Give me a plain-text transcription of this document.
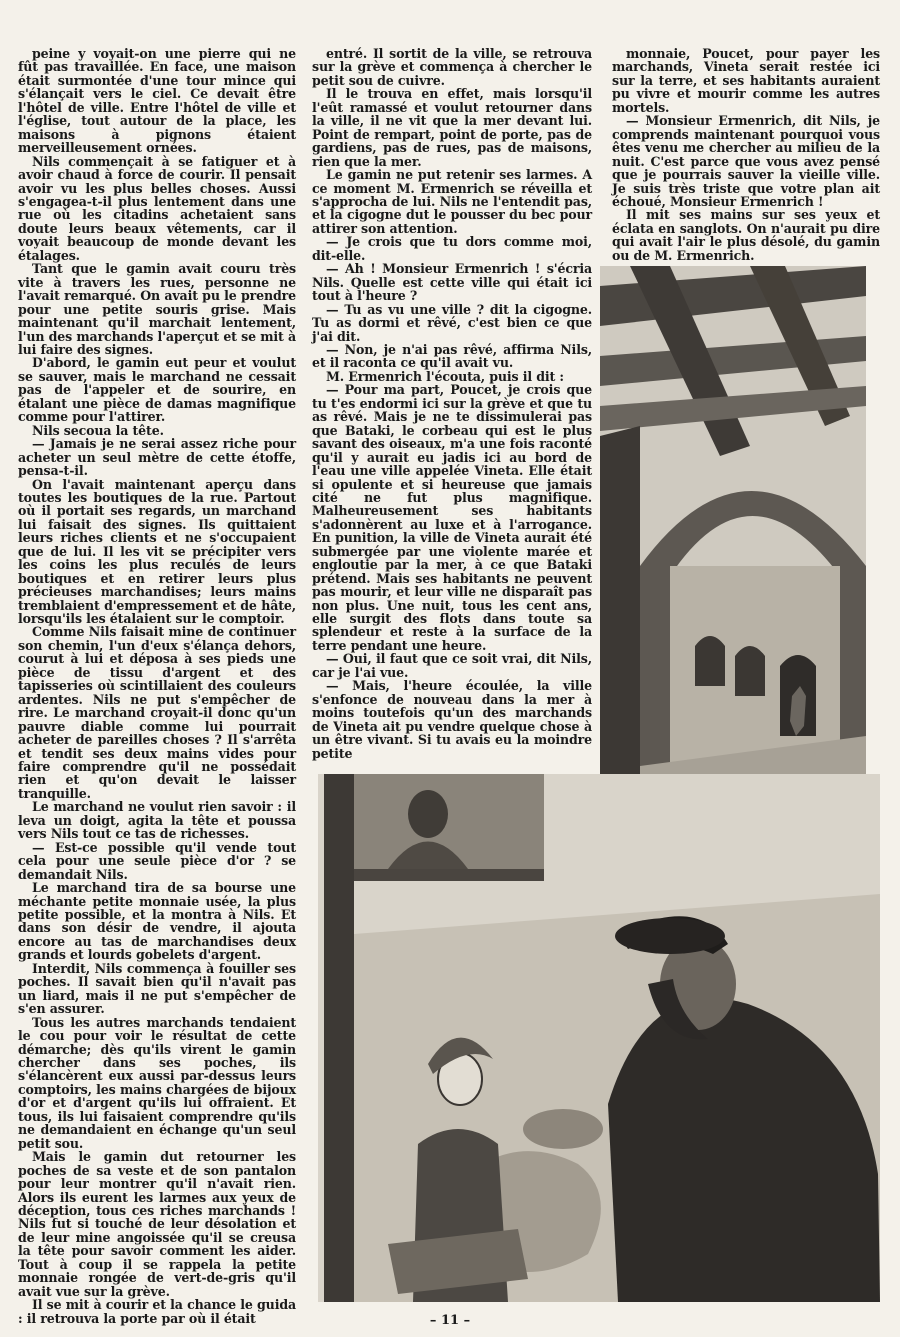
peine y voyait-on une pierre qui ne fût pas travaillée. En face, une maison était surmontée d'une tour mince qui s'élançait vers le ciel. Ce devait être l'hôtel de ville. Entre l'hôtel de ville et l'église, tout autour de la place, les maisons à pignons étaient merveilleusement ornées.

Nils commençait à se fatiguer et à avoir chaud à force de courir. Il pensait avoir vu les plus belles choses. Aussi s'engagea-t-il plus lentement dans une rue où les citadins achetaient sans doute leurs beaux vêtements, car il voyait beaucoup de monde devant les étalages.

Tant que le gamin avait couru très vite à travers les rues, personne ne l'avait remarqué. On avait pu le prendre pour une petite souris grise. Mais maintenant qu'il marchait lentement, l'un des marchands l'aperçut et se mit à lui faire des signes.

D'abord, le gamin eut peur et voulut se sauver, mais le marchand ne cessait pas de l'appeler et de sourire, en étalant une pièce de damas magnifique comme pour l'attirer.

Nils secoua la tête.

— Jamais je ne serai assez riche pour acheter un seul mètre de cette étoffe, pensa-t-il.

On l'avait maintenant aperçu dans toutes les boutiques de la rue. Partout où il portait ses regards, un marchand lui faisait des signes. Ils quittaient leurs riches clients et ne s'occupaient que de lui. Il les vit se précipiter vers les coins les plus reculés de leurs boutiques et en retirer leurs plus précieuses marchandises; leurs mains tremblaient d'empressement et de hâte, lorsqu'ils les étalaient sur le comptoir.

Comme Nils faisait mine de continuer son chemin, l'un d'eux s'élança dehors, courut à lui et déposa à ses pieds une pièce de tissu d'argent et des tapisseries où scintillaient des couleurs ardentes. Nils ne put s'empêcher de rire. Le marchand croyait-il donc qu'un pauvre diable comme lui pourrait acheter de pareilles choses ? Il s'arrêta et tendit ses deux mains vides pour faire comprendre qu'il ne possédait rien et qu'on devait le laisser tranquille.

Le marchand ne voulut rien savoir : il leva un doigt, agita la tête et poussa vers Nils tout ce tas de richesses.

— Est-ce possible qu'il vende tout cela pour une seule pièce d'or ? se demandait Nils.

Le marchand tira de sa bourse une méchante petite monnaie usée, la plus petite possible, et la montra à Nils. Et dans son désir de vendre, il ajouta encore au tas de marchandises deux grands et lourds gobelets d'argent.

Interdit, Nils commença à fouiller ses poches. Il savait bien qu'il n'avait pas un liard, mais il ne put s'empêcher de s'en assurer.

Tous les autres marchands tendaient le cou pour voir le résultat de cette démarche; dès qu'ils virent le gamin chercher dans ses poches, ils s'élancèrent eux aussi par-dessus leurs comptoirs, les mains chargées de bijoux d'or et d'argent qu'ils lui offraient. Et tous, ils lui faisaient comprendre qu'ils ne demandaient en échange qu'un seul petit sou.

Mais le gamin dut retourner les poches de sa veste et de son pantalon pour leur montrer qu'il n'avait rien. Alors ils eurent les larmes aux yeux de déception, tous ces riches marchands ! Nils fut si touché de leur désolation et de leur mine angoissée qu'il se creusa la tête pour savoir comment les aider. Tout à coup il se rappela la petite monnaie rongée de vert-de-gris qu'il avait vue sur la grève.

Il se mit à courir et la chance le guida : il retrouva la porte par où il était

entré. Il sortit de la ville, se retrouva sur la grève et commença à chercher le petit sou de cuivre.

Il le trouva en effet, mais lorsqu'il l'eût ramassé et voulut retourner dans la ville, il ne vit que la mer devant lui. Point de rempart, point de porte, pas de gardiens, pas de rues, pas de maisons, rien que la mer.

Le gamin ne put retenir ses larmes. A ce moment M. Ermenrich se réveilla et s'approcha de lui. Nils ne l'entendit pas, et la cigogne dut le pousser du bec pour attirer son attention.

— Je crois que tu dors comme moi, dit-elle.

— Ah ! Monsieur Ermenrich ! s'écria Nils. Quelle est cette ville qui était ici tout à l'heure ?

— Tu as vu une ville ? dit la cigogne. Tu as dormi et rêvé, c'est bien ce que j'ai dit.

— Non, je n'ai pas rêvé, affirma Nils, et il raconta ce qu'il avait vu.

M. Ermenrich l'écouta, puis il dit :

— Pour ma part, Poucet, je crois que tu t'es endormi ici sur la grève et que tu as rêvé. Mais je ne te dissimulerai pas que Bataki, le corbeau qui est le plus savant des oiseaux, m'a une fois raconté qu'il y aurait eu jadis ici au bord de l'eau une ville appelée Vineta. Elle était si opulente et si heureuse que jamais cité ne fut plus magnifique. Malheureusement ses habitants s'adonnèrent au luxe et à l'arrogance. En punition, la ville de Vineta aurait été submergée par une violente marée et engloutie par la mer, à ce que Bataki prétend. Mais ses habitants ne peuvent pas mourir, et leur ville ne disparaît pas non plus. Une nuit, tous les cent ans, elle surgit des flots dans toute sa splendeur et reste à la surface de la terre pendant une heure.

— Oui, il faut que ce soit vrai, dit Nils, car je l'ai vue.

— Mais, l'heure écoulée, la ville s'enfonce de nouveau dans la mer à moins toutefois qu'un des marchands de Vineta ait pu vendre quelque chose à un être vivant. Si tu avais eu la moindre petite

monnaie, Poucet, pour payer les marchands, Vineta serait restée ici sur la terre, et ses habitants auraient pu vivre et mourir comme les autres mortels.

— Monsieur Ermenrich, dit Nils, je comprends maintenant pourquoi vous êtes venu me chercher au milieu de la nuit. C'est parce que vous avez pensé que je pourrais sauver la vieille ville. Je suis très triste que votre plan ait échoué, Monsieur Ermenrich !

Il mit ses mains sur ses yeux et éclata en sanglots. On n'aurait pu dire qui avait l'air le plus désolé, du gamin ou de M. Ermenrich.

– 11 –
